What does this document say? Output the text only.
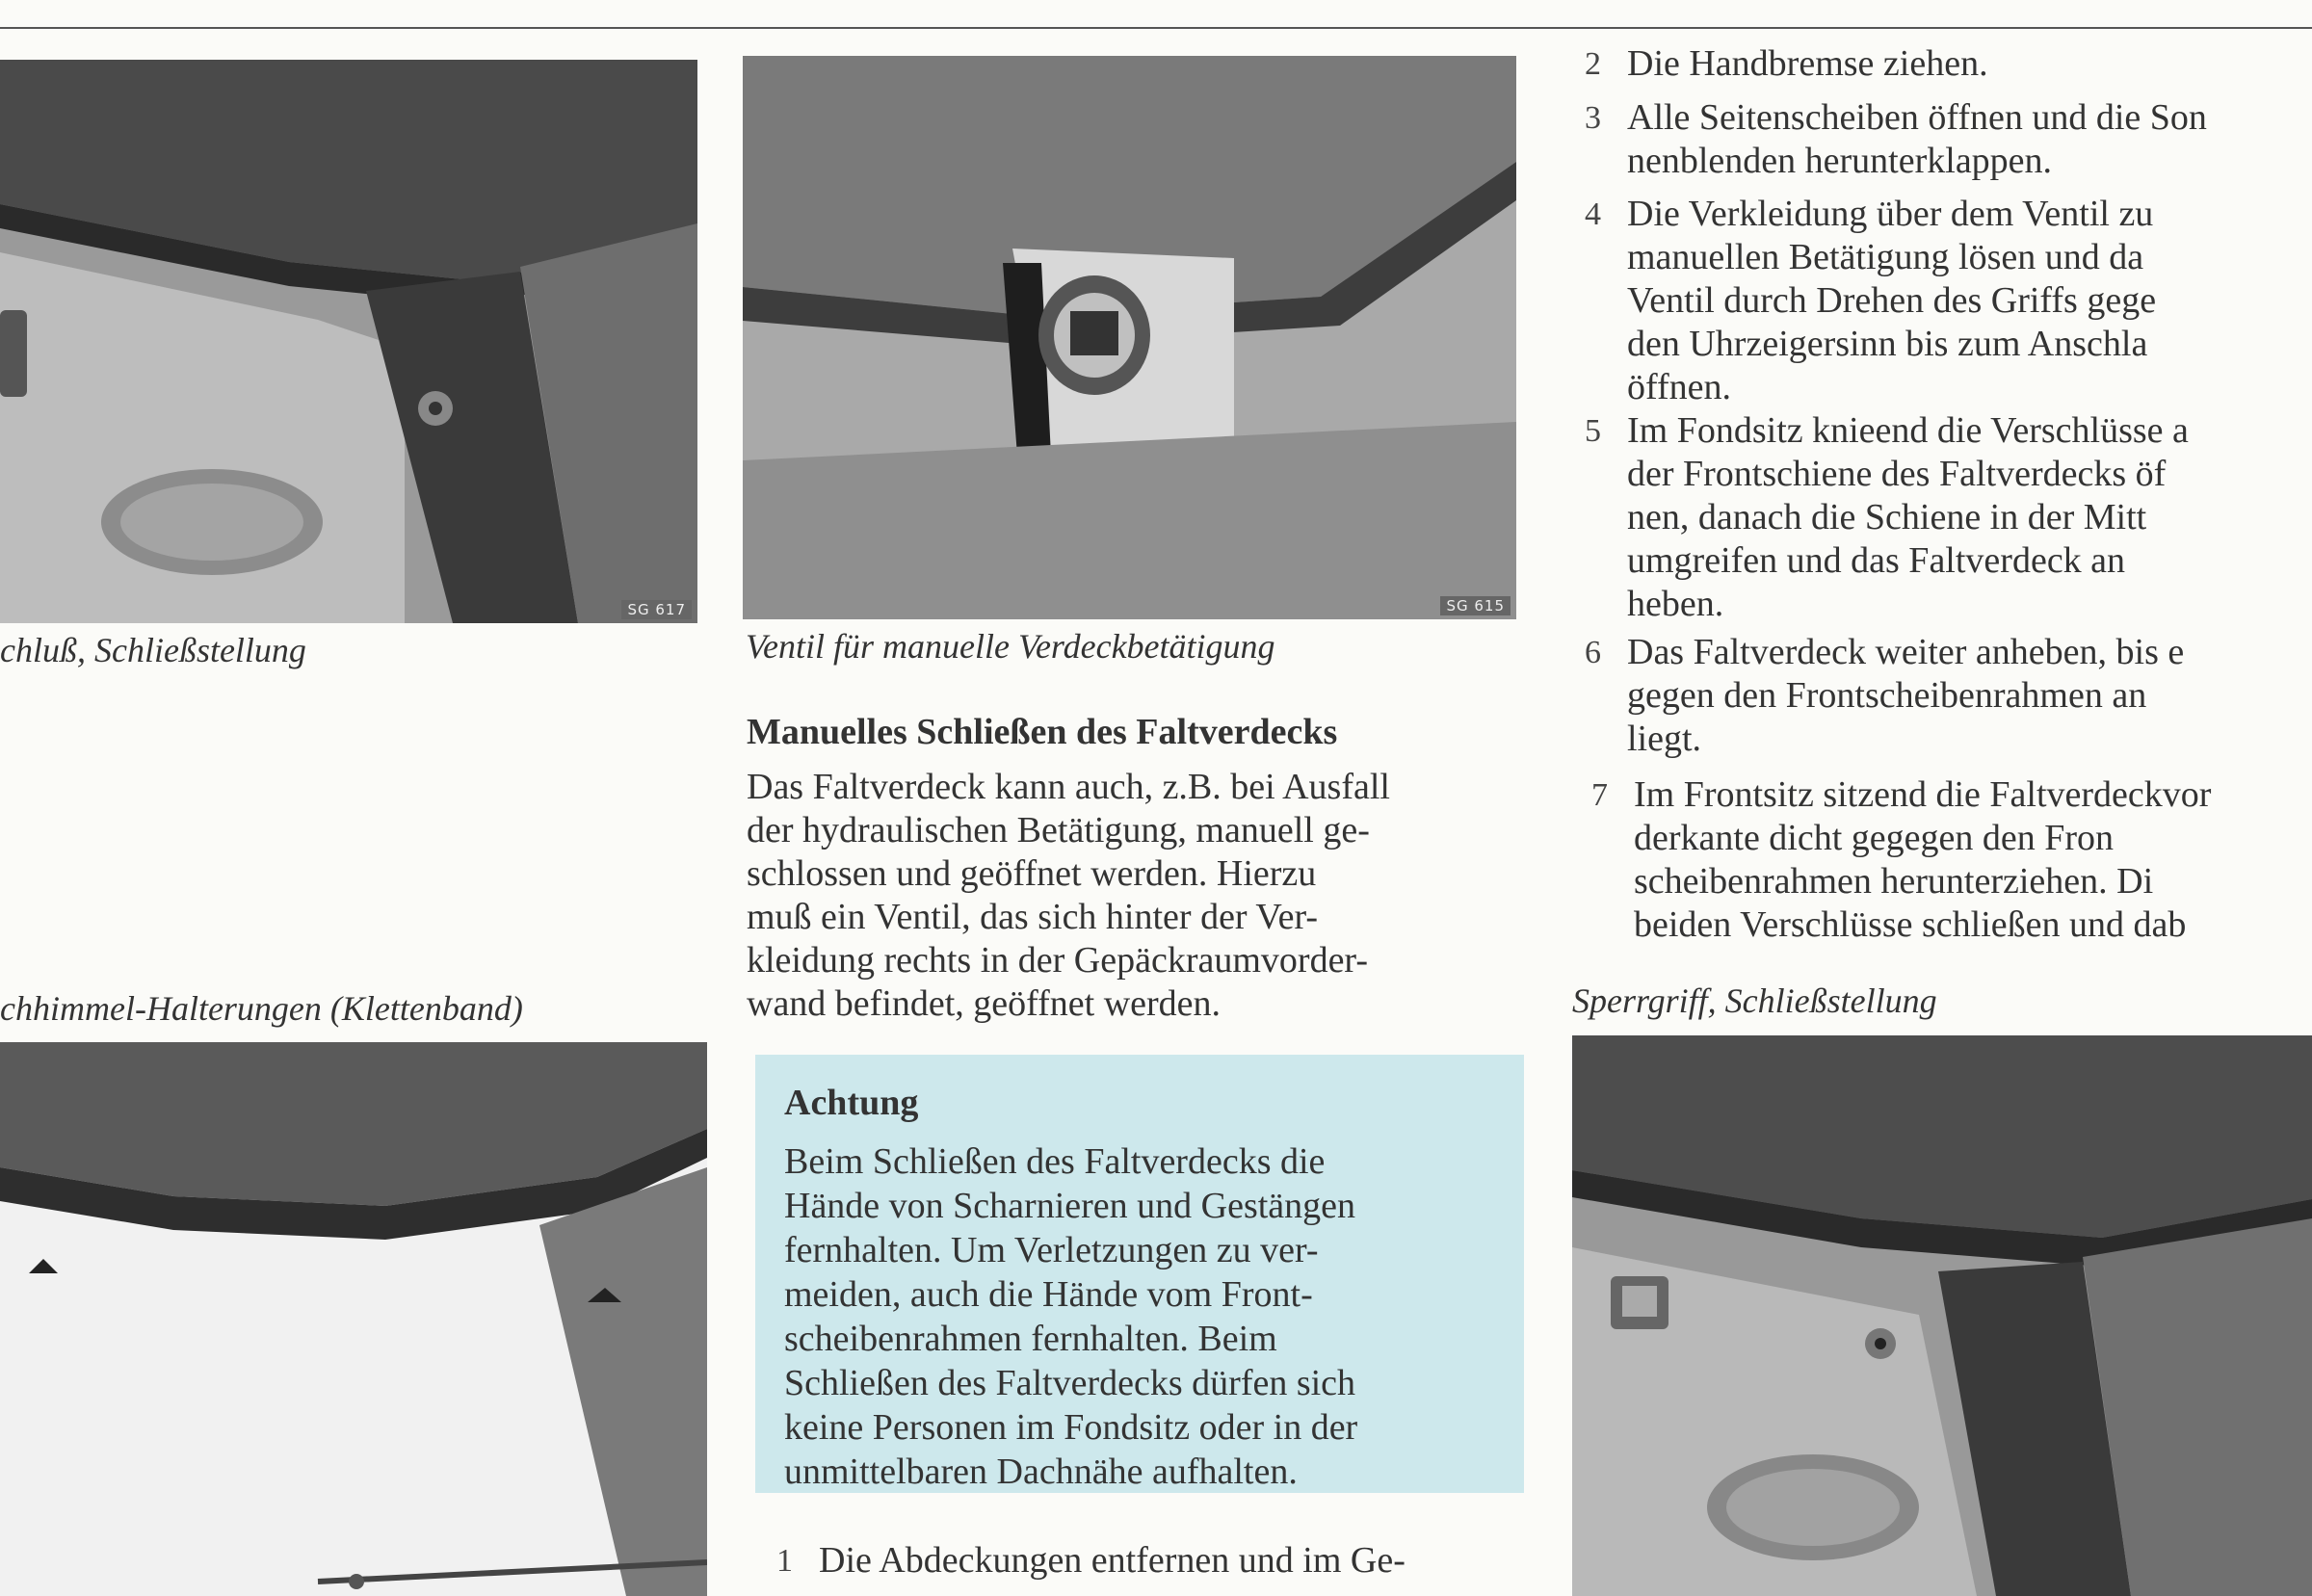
SG 617	SG 615
chluß, Schließstellung	Ventil für manuelle Verdeckbetätigung
chhimmel-Halterungen (Klettenband)	Sperrgriff, Schließstellung
Manuelles Schließen des Faltverdecks
Das Faltverdeck kann auch, z.B. bei Ausfall
der hydraulischen Betätigung, manuell ge-
schlossen und geöffnet werden. Hierzu
muß ein Ventil, das sich hinter der Ver-
kleidung rechts in der Gepäckraumvorder-
wand befindet, geöffnet werden.
Achtung
Beim Schließen des Faltverdecks die
Hände von Scharnieren und Gestängen
fernhalten. Um Verletzungen zu ver-
meiden, auch die Hände vom Front-
scheibenrahmen fernhalten. Beim
Schließen des Faltverdecks dürfen sich
keine Personen im Fondsitz oder in der
unmittelbaren Dachnähe aufhalten.
1 Die Abdeckungen entfernen und im Ge-
2 Die Handbremse ziehen.
3 Alle Seitenscheiben öffnen und die Son
nenblenden herunterklappen.
4 Die Verkleidung über dem Ventil zu
manuellen Betätigung lösen und da
Ventil durch Drehen des Griffs gege
den Uhrzeigersinn bis zum Anschla
öffnen.
5 Im Fondsitz knieend die Verschlüsse a
der Frontschiene des Faltverdecks öf
nen, danach die Schiene in der Mitt
umgreifen und das Faltverdeck an
heben.
6 Das Faltverdeck weiter anheben, bis e
gegen den Frontscheibenrahmen an
liegt.
7 Im Frontsitz sitzend die Faltverdeckvor
derkante dicht gegegen den Fron
scheibenrahmen herunterziehen. Di
beiden Verschlüsse schließen und dab
